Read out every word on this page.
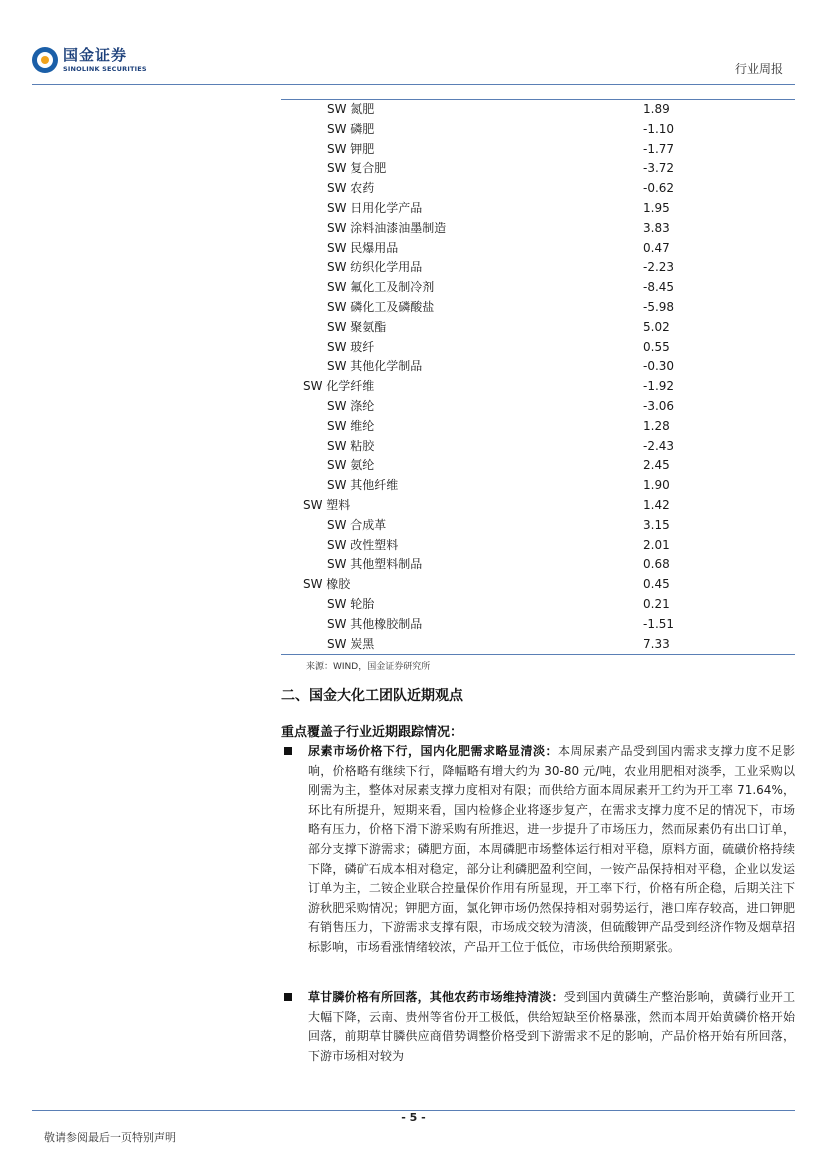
国金证券
SINOLINK SECURITIES	行业周报
SW 氮肥	1.89
SW 磷肥	-1.10
SW 钾肥	-1.77
SW 复合肥	-3.72
SW 农药	-0.62
SW 日用化学产品	1.95
SW 涂料油漆油墨制造	3.83
SW 民爆用品	0.47
SW 纺织化学用品	-2.23
SW 氟化工及制冷剂	-8.45
SW 磷化工及磷酸盐	-5.98
SW 聚氨酯	5.02
SW 玻纤	0.55
SW 其他化学制品	-0.30
SW 化学纤维	-1.92
SW 涤纶	-3.06
SW 维纶	1.28
SW 粘胶	-2.43
SW 氨纶	2.45
SW 其他纤维	1.90
SW 塑料	1.42
SW 合成革	3.15
SW 改性塑料	2.01
SW 其他塑料制品	0.68
SW 橡胶	0.45
SW 轮胎	0.21
SW 其他橡胶制品	-1.51
SW 炭黑	7.33
来源：WIND，国金证券研究所
二、国金大化工团队近期观点
重点覆盖子行业近期跟踪情况：

尿素市场价格下行，国内化肥需求略显清淡：本周尿素产品受到国内需求支撑力度不足影响，价格略有继续下行，降幅略有增大约为 30-80 元/吨，农业用肥相对淡季，工业采购以刚需为主，整体对尿素支撑力度相对有限；而供给方面本周尿素开工约为开工率 71.64%，环比有所提升，短期来看，国内检修企业将逐步复产，在需求支撑力度不足的情况下，市场略有压力，价格下滑下游采购有所推迟，进一步提升了市场压力，然而尿素仍有出口订单，部分支撑下游需求；磷肥方面，本周磷肥市场整体运行相对平稳，原料方面，硫磺价格持续下降，磷矿石成本相对稳定，部分让利磷肥盈利空间，一铵产品保持相对平稳，企业以发运订单为主，二铵企业联合控量保价作用有所显现，开工率下行，价格有所企稳，后期关注下游秋肥采购情况；钾肥方面，氯化钾市场仍然保持相对弱势运行，港口库存较高，进口钾肥有销售压力，下游需求支撑有限，市场成交较为清淡，但硫酸钾产品受到经济作物及烟草招标影响，市场看涨情绪较浓，产品开工位于低位，市场供给预期紧张。

草甘膦价格有所回落，其他农药市场维持清淡：受到国内黄磷生产整治影响，黄磷行业开工大幅下降，云南、贵州等省份开工极低，供给短缺至价格暴涨，然而本周开始黄磷价格开始回落，前期草甘膦供应商借势调整价格受到下游需求不足的影响，产品价格开始有所回落，下游市场相对较为

- 5 -
敬请参阅最后一页特别声明
